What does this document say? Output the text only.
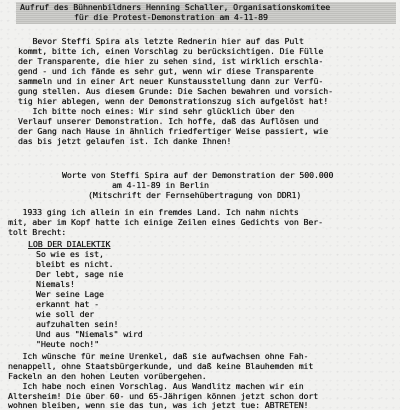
Aufruf des Bühnenbildners Henning Schaller, Organisationskomitee
für die Protest-Demonstration am 4-11-89
Bevor Steffi Spira als letzte Rednerin hier auf das Pult
kommt, bitte ich, einen Vorschlag zu berücksichtigen. Die Fülle
der Transparente, die hier zu sehen sind, ist wirklich erschla-
gend - und ich fände es sehr gut, wenn wir diese Transparente
sammeln und in einer Art neuer Kunstausstellung dann zur Verfü-
gung stellen. Aus diesem Grunde: Die Sachen bewahren und vorsich-
tig hier ablegen, wenn der Demonstrationszug sich aufgelöst hat!
Ich bitte noch eines: Wir sind sehr glücklich über den
Verlauf unserer Demonstration. Ich hoffe, daß das Auflösen und
der Gang nach Hause in ähnlich friedfertiger Weise passiert, wie
das bis jetzt gelaufen ist. Ich danke Ihnen!
Worte von Steffi Spira auf der Demonstration der 500.000
am 4-11-89 in Berlin
(Mitschrift der Fernsehübertragung von DDR1)
1933 ging ich allein in ein fremdes Land. Ich nahm nichts
mit, aber im Kopf hatte ich einige Zeilen eines Gedichts von Ber-
tolt Brecht:
LOB DER DIALEKTIK
So wie es ist,
bleibt es nicht.
Der lebt, sage nie
Niemals!
Wer seine Lage
erkannt hat -
wie soll der
aufzuhalten sein!
Und aus "Niemals" wird
"Heute noch!"
Ich wünsche für meine Urenkel, daß sie aufwachsen ohne Fah-
nenappell, ohne Staatsbürgerkunde, und daß keine Blauhemden mit
Fackeln an den hohen Leuten vorübergehen.
Ich habe noch einen Vorschlag. Aus Wandlitz machen wir ein
Altersheim! Die über 60- und 65-Jährigen können jetzt schon dort
wohnen bleiben, wenn sie das tun, was ich jetzt tue: ABTRETEN!
